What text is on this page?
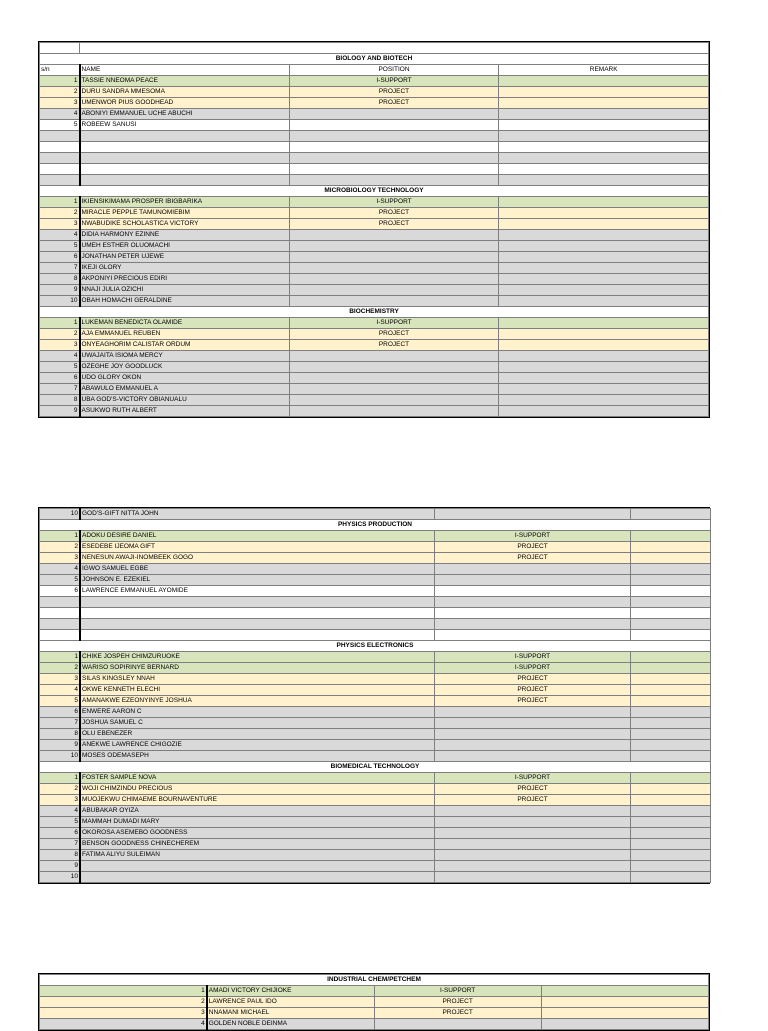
BIOLOGY AND BIOTECH			
s/n	NAME	POSITION	REMARK
1	TASSIE NNEOMA PEACE	I-SUPPORT	
2	DURU SANDRA MMESOMA	PROJECT	
3	UMENWOR PIUS GOODHEAD	PROJECT	
4	ABONIYI EMMANUEL UCHE ABUCHI		
5	ROBEEW SANUSI		

MICROBIOLOGY TECHNOLOGY			
1	IKIENSIKIMAMA PROSPER IBIGBARIKA	I-SUPPORT	
2	MIRACLE PEPPLE TAMUNOMIEBIM	PROJECT	
3	NWABUDIKE SCHOLASTICA VICTORY	PROJECT	
4	DIDIA HARMONY EZINNE		
5	UMEH ESTHER OLUOMACHI		
6	JONATHAN PETER UJEWE		
7	IKEJI GLORY		
8	AKPONIYI PRECIOUS EDIRI		
9	NNAJI JULIA OZICHI		
10	OBAH HOMACHI GERALDINE		
BIOCHEMISTRY			
1	LUKEMAN BENEDICTA OLAMIDE	I-SUPPORT	
2	AJA EMMANUEL REUBEN	PROJECT	
3	ONYEAGHORIM CALISTAR ORDUM	PROJECT	
4	UWAJAITA ISIOMA MERCY		
5	OZEGHE JOY GOODLUCK		
6	UDO GLORY OKON		
7	ABAWULO EMMANUEL A		
8	UBA GOD'S-VICTORY OBIANUALU		
9	ASUKWO RUTH ALBERT		
10	GOD'S-GIFT NITTA JOHN		
PHYSICS PRODUCTION			
1	ADOKU DESIRE DANIEL	I-SUPPORT	
2	ESEDEBE IJEOMA GIFT	PROJECT	
3	NENESUN AWAJI-INOMBEEK GOGO	PROJECT	
4	IGWO SAMUEL EGBE		
5	JOHNSON E. EZEKIEL		
6	LAWRENCE EMMANUEL AYOMIDE		

PHYSICS ELECTRONICS			
1	CHIKE JOSPEH CHIMZURUOKE	I-SUPPORT	
2	WARISO SOPIRINYE BERNARD	I-SUPPORT	
3	SILAS KINGSLEY NNAH	PROJECT	
4	OKWE KENNETH ELECHI	PROJECT	
5	AMANAKWE EZEONYINYE JOSHUA	PROJECT	
6	ENWERE AARON C		
7	JOSHUA SAMUEL C		
8	OLU EBENEZER		
9	ANEKWE LAWRENCE CHIGOZIE		
10	MOSES ODEMASEPH		
BIOMEDICAL TECHNOLOGY			
1	FOSTER SAMPLE NOVA	I-SUPPORT	
2	WOJI CHIMZINDU PRECIOUS	PROJECT	
3	MUOJEKWU CHIMAEME BOURNAVENTURE	PROJECT	
4	ABUBAKAR OYIZA		
5	MAMMAH DUMADI MARY		
6	OKOROSA ASEMEBO GOODNESS		
7	BENSON GOODNESS CHINECHEREM		
8	FATIMA ALIYU SULEIMAN		
9			
10			
INDUSTRIAL CHEM/PETCHEM			
1	AMADI VICTORY CHIJIOKE	I-SUPPORT	
2	LAWRENCE PAUL IDO	PROJECT	
3	NNAMANI MICHAEL	PROJECT	
4	GOLDEN NOBLE DEINMA		
